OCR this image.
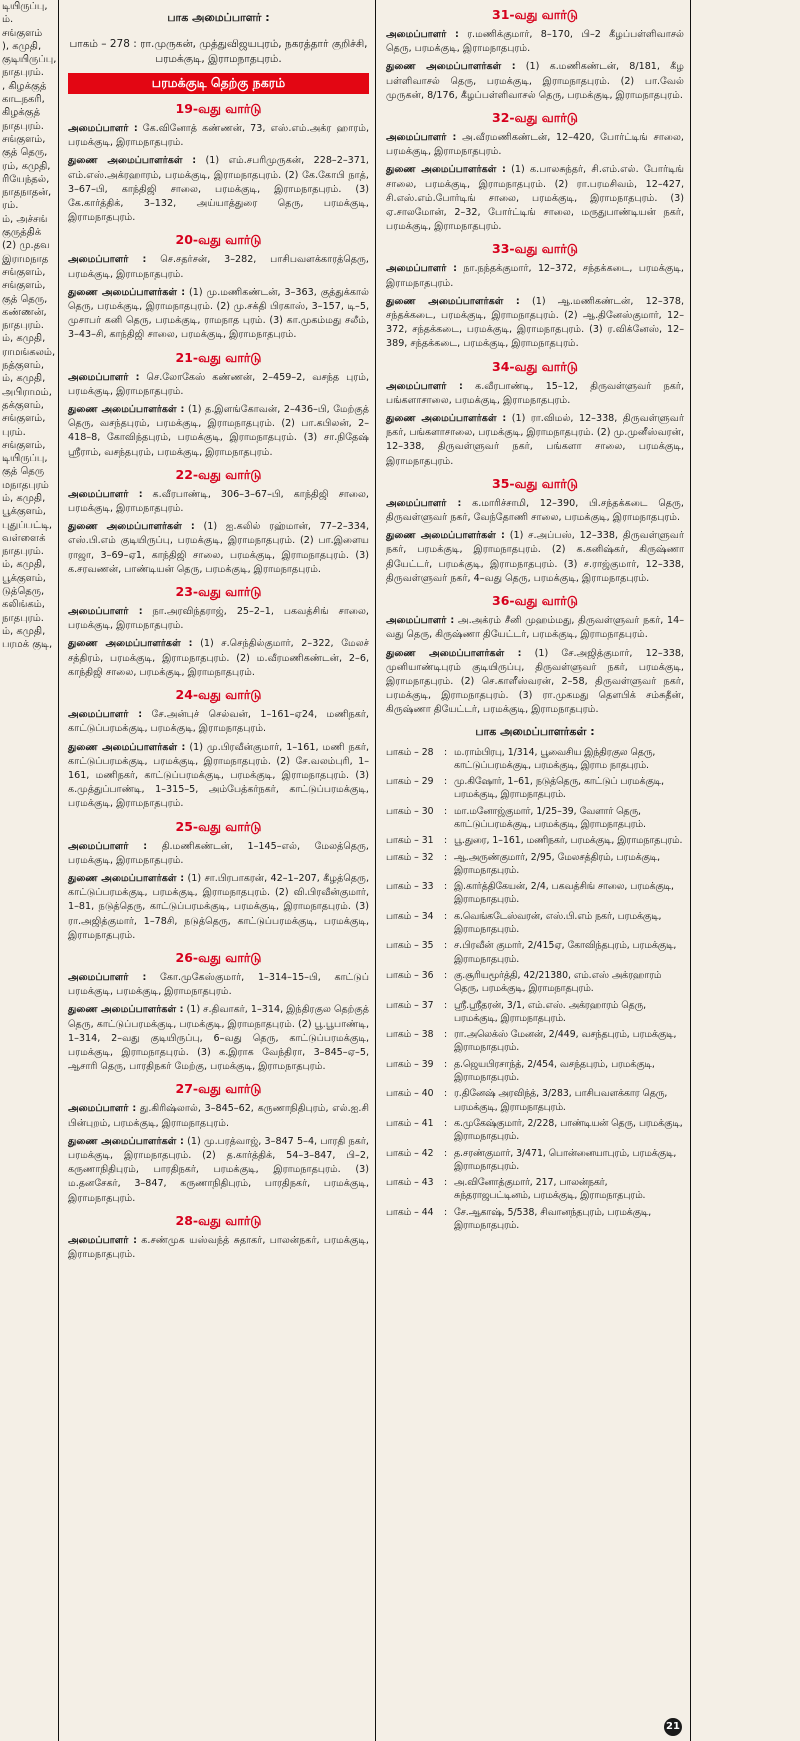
டியிருப்பு,

ம்.

சங்குளம்

), கமுதி,

குடியிருப்பு,

நாதபுரம்.

, கிழக்குத்

காடநகரி,

கிழக்குத்

நாதபுரம்.

சங்குளம்,

குத் தெரு,

ரம், கமுதி,

ரியேந்தல்,

நாதநாதன்,

ரம்.

ம், அச்சங்

குருத்திக்

(2) மு.தவ

இராமநாத

சங்குளம்,

சங்குளம்,

குத் தெரு,

கண்ணன்,

நாதபுரம்.

ம், கமுதி,

ராமங்கலம்,

நத்குளம்,

ம், கமுதி,

அபிராமம்,

தக்குளம்,

சங்குளம்,

புரம்.

சங்குளம்,

டியிருப்பு,

குத் தெரு

மநாதபுரம்

ம், கமுதி,

பூக்குளம்,

புதுப்பட்டி,

வள்ளைக்

நாதபுரம்.

ம், கமுதி,

பூக்குளம்,

டுத்தெரு,

கலிங்கம்,

நாதபுரம்.

ம், கமுதி,

பரமக் குடி,

பாக அமைப்பாளர் :

பாகம் – 278 : ரா.முருகன், முத்துவிஜயபுரம், நகரத்தார் குறிச்சி, பரமக்குடி, இராமநாதபுரம்.

பரமக்குடி தெற்கு நகரம்
19-வது வார்டு

அமைப்பாளர் : கே.வினோத் கண்ணன், 73, எஸ்.எம்.அக்ர ஹாரம், பரமக்குடி, இராமநாதபுரம்.

துணை அமைப்பாளர்கள் : (1) எம்.சபரிமுருகன், 228–2–371, எம்.எஸ்.அக்ரஹாரம், பரமக்குடி, இராமநாதபுரம். (2) கே.கோபி நாத், 3–67–பி, காந்திஜி சாலை, பரமக்குடி, இராமநாதபுரம். (3) கே.கார்த்திக், 3–132, அய்யாத்துரை தெரு, பரமக்குடி, இராமநாதபுரம்.

20-வது வார்டு

அமைப்பாளர் : செ.சதர்சன், 3–282, பாசிபவளக்காரத்தெரு, பரமக்குடி, இராமநாதபுரம்.

துணை அமைப்பாளர்கள் : (1) மு.மணிகண்டன், 3–363, குத்துக்கால் தெரு, பரமக்குடி, இராமநாதபுரம். (2) மு.சக்தி பிரகாஸ், 3–157, டி–5, முசாபர் கனி தெரு, பரமக்குடி, ராமநாத புரம். (3) கா.முகம்மது சலீம், 3–43–சி, காந்திஜி சாலை, பரமக்குடி, இராமநாதபுரம்.

21-வது வார்டு

அமைப்பாளர் : செ.லோகேஸ் கண்ணன், 2–459–2, வசந்த புரம், பரமக்குடி, இராமநாதபுரம்.

துணை அமைப்பாளர்கள் : (1) த.இளங்கோவன், 2–436–பி, மேற்குத் தெரு, வசந்தபுரம், பரமக்குடி, இராமநாதபுரம். (2) பா.கபிலன், 2–418–8, கோவிந்தபுரம், பரமக்குடி, இராமநாதபுரம். (3) சா.நிதேஷ் ஸ்ரீராம், வசந்தபுரம், பரமக்குடி, இராமநாதபுரம்.

22-வது வார்டு

அமைப்பாளர் : க.வீரபாண்டி, 306–3–67–பி, காந்திஜி சாலை, பரமக்குடி, இராமநாதபுரம்.

துணை அமைப்பாளர்கள் : (1) ஐ.கலில் ரஹ்மான், 77–2–334, எஸ்.பி.எம் குடியிருப்பு, பரமக்குடி, இராமநாதபுரம். (2) பா.இளைய ராஜா, 3–69–ஏ1, காந்திஜி சாலை, பரமக்குடி, இராமநாதபுரம். (3) க.சரவணன், பாண்டியன் தெரு, பரமக்குடி, இராமநாதபுரம்.

23-வது வார்டு

அமைப்பாளர் : நா.அரவிந்தராஜ், 25–2–1, பகவத்சிங் சாலை, பரமக்குடி, இராமநாதபுரம்.

துணை அமைப்பாளர்கள் : (1) ச.செந்தில்குமார், 2–322, மேலச் சத்திரம், பரமக்குடி, இராமநாதபுரம். (2) ம.வீரமணிகண்டன், 2–6, காந்திஜி சாலை, பரமக்குடி, இராமநாதபுரம்.

24-வது வார்டு

அமைப்பாளர் : சே.அன்புச் செல்வன், 1–161–ஏ24, மணிநகர், காட்டுப்பரமக்குடி, பரமக்குடி, இராமநாதபுரம்.

துணை அமைப்பாளர்கள் : (1) மு.பிரவீன்குமார், 1–161, மணி நகர், காட்டுப்பரமக்குடி, பரமக்குடி, இராமநாதபுரம். (2) சே.வலம்புரி, 1–161, மணிநகர், காட்டுப்பரமக்குடி, பரமக்குடி, இராமநாதபுரம். (3) க.முத்துப்பாண்டி, 1–315–5, அம்பேத்கர்நகர், காட்டுப்பரமக்குடி, பரமக்குடி, இராமநாதபுரம்.

25-வது வார்டு

அமைப்பாளர் : தி.மணிகண்டன், 1–145–எல், மேலத்தெரு, பரமக்குடி, இராமநாதபுரம்.

துணை அமைப்பாளர்கள் : (1) சா.பிரபாகரன், 42–1–207, கீழத்தெரு, காட்டுப்பரமக்குடி, பரமக்குடி, இராமநாதபுரம். (2) வி.பிரவீன்குமார், 1–81, நடுத்தெரு, காட்டுப்பரமக்குடி, பரமக்குடி, இராமநாதபுரம். (3) ரா.அஜித்குமார், 1–78சி, நடுத்தெரு, காட்டுப்பரமக்குடி, பரமக்குடி, இராமநாதபுரம்.

26-வது வார்டு

அமைப்பாளர் : கோ.முகேஸ்குமார், 1–314–15–பி, காட்டுப் பரமக்குடி, பரமக்குடி, இராமநாதபுரம்.

துணை அமைப்பாளர்கள் : (1) ச.திவாகர், 1–314, இந்திரகுல தெற்குத் தெரு, காட்டுப்பரமக்குடி, பரமக்குடி, இராமநாதபுரம். (2) பூ.பூபாண்டி, 1–314, 2–வது குடியிருப்பு, 6–வது தெரு, காட்டுப்பரமக்குடி, பரமக்குடி, இராமநாதபுரம். (3) க.இராக வேந்திரா, 3–845–ஏ–5, ஆசாரி தெரு, பாரதிநகர் மேற்கு, பரமக்குடி, இராமநாதபுரம்.

27-வது வார்டு

அமைப்பாளர் : து.கிரிஷ்லால், 3–845–62, கருணாநிதிபுரம், எல்.ஐ.சி பின்புறம், பரமக்குடி, இராமநாதபுரம்.

துணை அமைப்பாளர்கள் : (1) மு.பரத்வாஜ், 3–847 5–4, பாரதி நகர், பரமக்குடி, இராமநாதபுரம். (2) த.கார்த்திக், 54–3–847, பி–2, கருணாநிதிபுரம், பாரதிநகர், பரமக்குடி, இராமநாதபுரம். (3) ம.தனசேகர், 3–847, கருணாநிதிபுரம், பாரதிநகர், பரமக்குடி, இராமநாதபுரம்.

28-வது வார்டு

அமைப்பாளர் : க.சண்முக யஸ்வந்த் சுதாகர், பாலன்நகர், பரமக்குடி, இராமநாதபுரம்.

31-வது வார்டு

அமைப்பாளர் : ர.மணிக்குமார், 8–170, பி–2 கீழப்பள்ளிவாசல் தெரு, பரமக்குடி, இராமநாதபுரம்.

துணை அமைப்பாளர்கள் : (1) க.மணிகண்டன், 8/181, கீழ பள்ளிவாசல் தெரு, பரமக்குடி, இராமநாதபுரம். (2) பா.வேல் முருகன், 8/176, கீழப்பள்ளிவாசல் தெரு, பரமக்குடி, இராமநாதபுரம்.

32-வது வார்டு

அமைப்பாளர் : அ.வீரமணிகண்டன், 12–420, போர்ட்டிங் சாலை, பரமக்குடி, இராமநாதபுரம்.

துணை அமைப்பாளர்கள் : (1) க.பாலசுந்தர், சி.எம்.எல். போர்டிங் சாலை, பரமக்குடி, இராமநாதபுரம். (2) ரா.பரமசிவம், 12–427, சி.எஸ்.எம்.போர்டிங் சாலை, பரமக்குடி, இராமநாதபுரம். (3) ஏ.சாலமோன், 2–32, போர்ட்டிங் சாலை, மருதுபாண்டியன் நகர், பரமக்குடி, இராமநாதபுரம்.

33-வது வார்டு

அமைப்பாளர் : நா.நந்தக்குமார், 12–372, சந்தக்கடை, பரமக்குடி, இராமநாதபுரம்.

துணை அமைப்பாளர்கள் : (1) ஆ.மணிகண்டன், 12–378, சந்தக்கடை, பரமக்குடி, இராமநாதபுரம். (2) ஆ.தினேஸ்குமார், 12–372, சந்தக்கடை, பரமக்குடி, இராமநாதபுரம். (3) ர.விக்னேஸ், 12–389, சந்தக்கடை, பரமக்குடி, இராமநாதபுரம்.

34-வது வார்டு

அமைப்பாளர் : க.வீரபாண்டி, 15–12, திருவள்ளுவர் நகர், பங்களாசாலை, பரமக்குடி, இராமநாதபுரம்.

துணை அமைப்பாளர்கள் : (1) ரா.விமல், 12–338, திருவள்ளுவர் நகர், பங்களாசாலை, பரமக்குடி, இராமநாதபுரம். (2) மு.முனீஸ்வரன், 12–338, திருவள்ளுவர் நகர், பங்களா சாலை, பரமக்குடி, இராமநாதபுரம்.

35-வது வார்டு

அமைப்பாளர் : க.மாரிச்சாமி, 12–390, பி.சந்தக்கடை தெரு, திருவள்ளுவர் நகர், வேந்தோணி சாலை, பரமக்குடி, இராமநாதபுரம்.

துணை அமைப்பாளர்கள் : (1) ச.அப்பஸ், 12–338, திருவள்ளுவர் நகர், பரமக்குடி, இராமநாதபுரம். (2) க.கனிஷ்கர், கிருஷ்ணா தியேட்டர், பரமக்குடி, இராமநாதபுரம். (3) ச.ராஜ்குமார், 12–338, திருவள்ளுவர் நகர், 4–வது தெரு, பரமக்குடி, இராமநாதபுரம்.

36-வது வார்டு

அமைப்பாளர் : அ.அக்ரம் சீனி முஹம்மது, திருவள்ளுவர் நகர், 14–வது தெரு, கிருஷ்ணா தியேட்டர், பரமக்குடி, இராமநாதபுரம்.

துணை அமைப்பாளர்கள் : (1) சே.அஜித்குமார், 12–338, முனியாண்டிபுரம் குடியிருப்பு, திருவள்ளுவர் நகர், பரமக்குடி, இராமநாதபுரம். (2) செ.காளீஸ்வரன், 2–58, திருவள்ளுவர் நகர், பரமக்குடி, இராமநாதபுரம். (3) ரா.முகமது தௌபிக் சம்சுதீன், கிருஷ்ணா தியேட்டர், பரமக்குடி, இராமநாதபுரம்.

பாக அமைப்பாளர்கள் :
பாகம் – 28	: ம.ராம்பிரபு, 1/314, பூவைசிய இந்திரகுல தெரு, காட்டுப்பரமக்குடி, பரமக்குடி, இராம நாதபுரம்.
பாகம் – 29	: மு.கிஷோர், 1–61, நடுத்தெரு, காட்டுப் பரமக்குடி, பரமக்குடி, இராமநாதபுரம்.
பாகம் – 30	: மா.மனோஜ்குமார், 1/25–39, வேளார் தெரு, காட்டுப்பரமக்குடி, பரமக்குடி, இராமநாதபுரம்.
பாகம் – 31	: பூ.துரை, 1–161, மணிநகர், பரமக்குடி, இராமநாதபுரம்.
பாகம் – 32	: ஆ.அருண்குமார், 2/95, மேலசத்திரம், பரமக்குடி, இராமநாதபுரம்.
பாகம் – 33	: இ.கார்த்திகேயன், 2/4, பகவத்சிங் சாலை, பரமக்குடி, இராமநாதபுரம்.
பாகம் – 34	: க.வெங்கடேஸ்வரன், எஸ்.பி.எம் நகர், பரமக்குடி, இராமநாதபுரம்.
பாகம் – 35	: ச.பிரவீன் குமார், 2/415ஏ, கோவிந்தபுரம், பரமக்குடி, இராமநாதபுரம்.
பாகம் – 36	: கு.சூரியமூர்த்தி, 42/21380, எம்.எஸ் அக்ரஹாரம் தெரு, பரமக்குடி, இராமநாதபுரம்.
பாகம் – 37	: ஸ்ரீ.ஸ்ரீதரன், 3/1, எம்.எஸ். அக்ரஹாரம் தெரு, பரமக்குடி, இராமநாதபுரம்.
பாகம் – 38	: ரா.அலெக்ஸ் மேனன், 2/449, வசந்தபுரம், பரமக்குடி, இராமநாதபுரம்.
பாகம் – 39	: த.ஜெயபிரசாந்த், 2/454, வசந்தபுரம், பரமக்குடி, இராமநாதபுரம்.
பாகம் – 40	: ர.தினேஷ் அரவிந்த், 3/283, பாசிபவளக்கார தெரு, பரமக்குடி, இராமநாதபுரம்.
பாகம் – 41	: க.முகேஷ்குமார், 2/228, பாண்டியன் தெரு, பரமக்குடி, இராமநாதபுரம்.
பாகம் – 42	: த.சரண்குமார், 3/471, பொன்னையாபுரம், பரமக்குடி, இராமநாதபுரம்.
பாகம் – 43	: அ.வினோத்குமார், 217, பாலன்நகர், சுந்தராஜபட்டினம், பரமக்குடி, இராமநாதபுரம்.
பாகம் – 44	: சே.ஆகாஷ், 5/538, சிவானந்தபுரம், பரமக்குடி, இராமநாதபுரம்.
21
